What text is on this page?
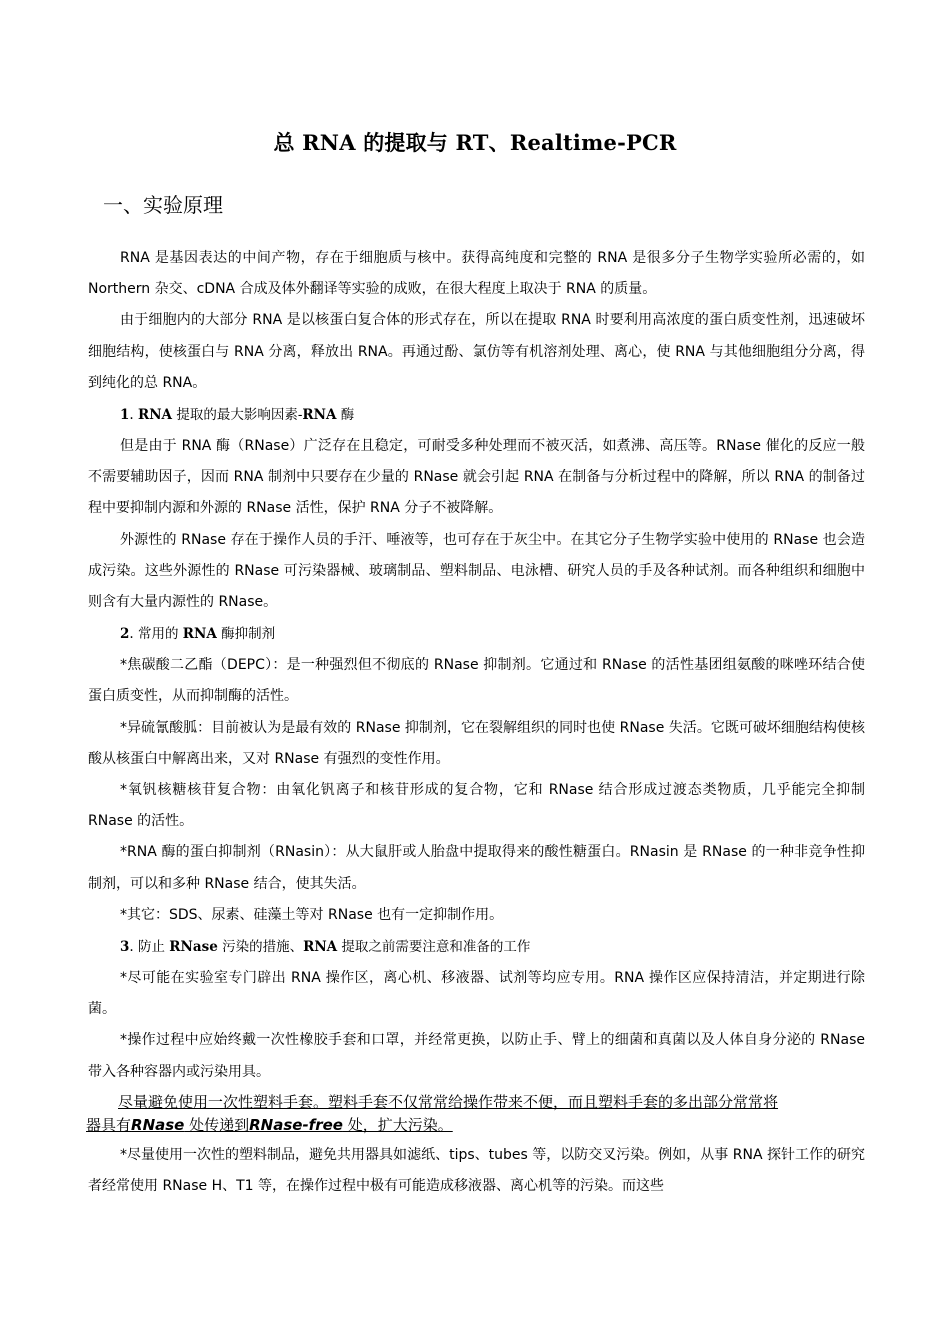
总 RNA 的提取与 RT、Realtime-PCR
一、实验原理

RNA 是基因表达的中间产物，存在于细胞质与核中。获得高纯度和完整的 RNA 是很多分子生物学实验所必需的，如 Northern 杂交、cDNA 合成及体外翻译等实验的成败，在很大程度上取决于 RNA 的质量。

由于细胞内的大部分 RNA 是以核蛋白复合体的形式存在，所以在提取 RNA 时要利用高浓度的蛋白质变性剂，迅速破坏细胞结构，使核蛋白与 RNA 分离，释放出 RNA。再通过酚、氯仿等有机溶剂处理、离心，使 RNA 与其他细胞组分分离，得到纯化的总 RNA。

1. RNA 提取的最大影响因素-RNA 酶

但是由于 RNA 酶（RNase）广泛存在且稳定，可耐受多种处理而不被灭活，如煮沸、高压等。RNase 催化的反应一般不需要辅助因子，因而 RNA 制剂中只要存在少量的 RNase 就会引起 RNA 在制备与分析过程中的降解，所以 RNA 的制备过程中要抑制内源和外源的 RNase 活性，保护 RNA 分子不被降解。

外源性的 RNase 存在于操作人员的手汗、唾液等，也可存在于灰尘中。在其它分子生物学实验中使用的 RNase 也会造成污染。这些外源性的 RNase 可污染器械、玻璃制品、塑料制品、电泳槽、研究人员的手及各种试剂。而各种组织和细胞中则含有大量内源性的 RNase。

2. 常用的 RNA 酶抑制剂

*焦碳酸二乙酯（DEPC）：是一种强烈但不彻底的 RNase 抑制剂。它通过和 RNase 的活性基团组氨酸的咪唑环结合使蛋白质变性，从而抑制酶的活性。

*异硫氰酸胍：目前被认为是最有效的 RNase 抑制剂，它在裂解组织的同时也使 RNase 失活。它既可破坏细胞结构使核酸从核蛋白中解离出来，又对 RNase 有强烈的变性作用。

*氧钒核糖核苷复合物：由氧化钒离子和核苷形成的复合物，它和 RNase 结合形成过渡态类物质，几乎能完全抑制 RNase 的活性。

*RNA 酶的蛋白抑制剂（RNasin）：从大鼠肝或人胎盘中提取得来的酸性糖蛋白。RNasin 是 RNase 的一种非竞争性抑制剂，可以和多种 RNase 结合，使其失活。

*其它：SDS、尿素、硅藻土等对 RNase 也有一定抑制作用。

3. 防止 RNase 污染的措施、RNA 提取之前需要注意和准备的工作

*尽可能在实验室专门辟出 RNA 操作区，离心机、移液器、试剂等均应专用。RNA 操作区应保持清洁，并定期进行除菌。

*操作过程中应始终戴一次性橡胶手套和口罩，并经常更换，以防止手、臂上的细菌和真菌以及人体自身分泌的 RNase 带入各种容器内或污染用具。

尽量避免使用一次性塑料手套。塑料手套不仅常常给操作带来不便，而且塑料手套的多出部分常常将
器具有RNase 处传递到RNase-free 处，扩大污染。

*尽量使用一次性的塑料制品，避免共用器具如滤纸、tips、tubes 等，以防交叉污染。例如，从事 RNA 探针工作的研究者经常使用 RNase H、T1 等，在操作过程中极有可能造成移液器、离心机等的污染。而这些
